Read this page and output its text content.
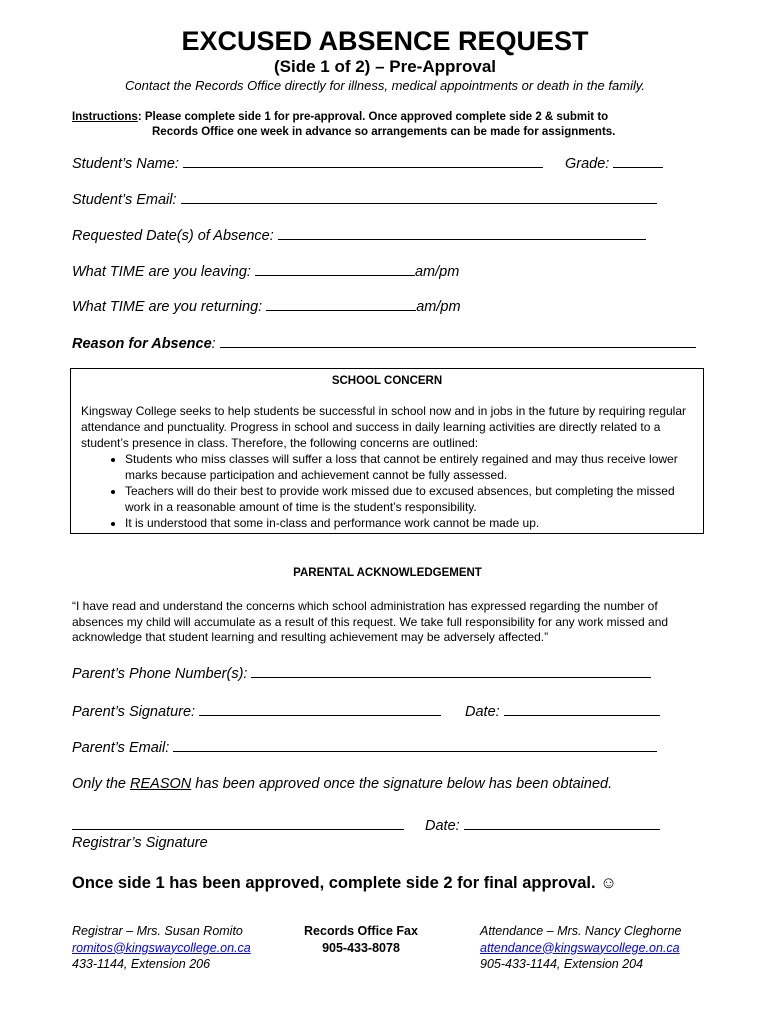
EXCUSED ABSENCE REQUEST
(Side 1 of 2) – Pre-Approval
Contact the Records Office directly for illness, medical appointments or death in the family.
Instructions: Please complete side 1 for pre-approval. Once approved complete side 2 & submit to
Records Office one week in advance so arrangements can be made for assignments.
Student’s Name:	Grade:
Student’s Email:
Requested Date(s) of Absence:
What TIME are you leaving:	am/pm
What TIME are you returning:	am/pm
Reason for Absence:
SCHOOL CONCERN

Kingsway College seeks to help students be successful in school now and in jobs in the future by requiring regular attendance and punctuality. Progress in school and success in daily learning activities are directly related to a student’s presence in class. Therefore, the following concerns are outlined:

• Students who miss classes will suffer a loss that cannot be entirely regained and may thus receive lower marks because participation and achievement cannot be fully assessed.
• Teachers will do their best to provide work missed due to excused absences, but completing the missed work in a reasonable amount of time is the student’s responsibility.
• It is understood that some in-class and performance work cannot be made up.
PARENTAL ACKNOWLEDGEMENT
“I have read and understand the concerns which school administration has expressed regarding the number of absences my child will accumulate as a result of this request. We take full responsibility for any work missed and acknowledge that student learning and resulting achievement may be adversely affected.”
Parent’s Phone Number(s):
Parent’s Signature:	Date:
Parent’s Email:
Only the REASON has been approved once the signature below has been obtained.
Date:
Registrar’s Signature
Once side 1 has been approved, complete side 2 for final approval. ☺
Registrar – Mrs. Susan Romito
romitos@kingswaycollege.on.ca
433-1144, Extension 206
Records Office Fax
905-433-8078
Attendance – Mrs. Nancy Cleghorne
attendance@kingswaycollege.on.ca
905-433-1144, Extension 204
